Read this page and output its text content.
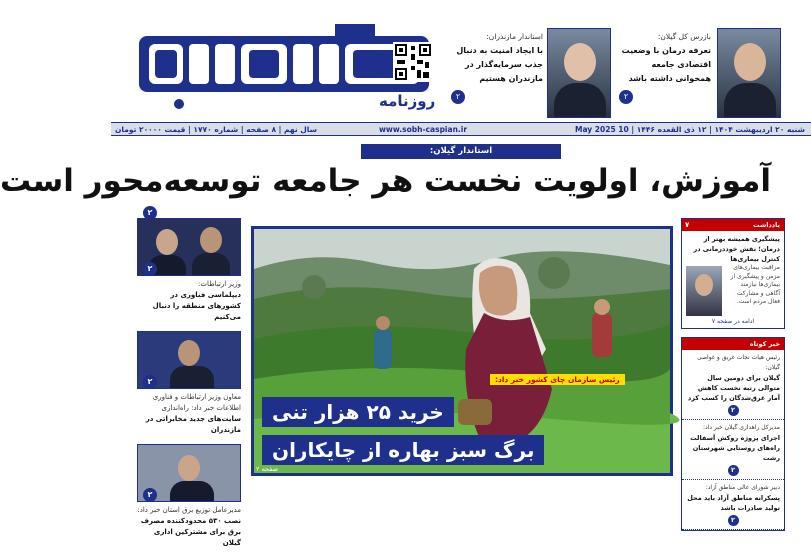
روزنامه
بازرس کل گیلان:
تعرفه درمان با وضعیت اقتصادی جامعه همخوانی داشته باشد
۲
استاندار مازندران:
با ایجاد امنیت به دنبال جذب سرمایه‌گذار در مازندران هستیم
۲
شنبه ۲۰ اردیبهشت ۱۴۰۴ | ۱۲ ذی القعده ۱۴۴۶ | 10 May 2025
www.sobh-caspian.ir
سال نهم | ۸ صفحه | شماره ۱۷۷۰ | قیمت ۲۰۰۰۰ تومان
استاندار گیلان:
آموزش، اولویت نخست هر جامعه توسعه‌محور است
۲
۲
وزیر ارتباطات:
دیپلماسی فناوری در کشورهای منطقه را دنبال می‌کنیم
۲
معاون وزیر ارتباطات و فناوری اطلاعات خبر داد: راه‌اندازی
سایت‌های جدید مخابراتی در مازندران
۲
مدیرعامل توزیع برق استان خبر داد:
نصب ۵۳۰ محدودکننده مصرف برق برای مشترکین اداری گیلان
رئیس سازمان چای کشور خبر داد:
خرید ۲۵ هزار تنی
برگ سبز بهاره از چایکاران
صفحه ۲
یادداشت
۷
پیشگیری همیشه بهتر از درمان؛ نقش خوددرمانی در کنترل بیماری‌ها
مراقبت بیماری‌های مزمن و پیشگیری از بیماری‌ها نیازمند آگاهی و مشارکت فعال مردم است.
ادامه در صفحه ۷
خبر کوتاه
رئیس هیات نجات غریق و غواصی گیلان:
گیلان برای دومین سال متوالی رتبه نخست کاهش آمار غرق‌شدگان را کسب کرد
۲
مدیرکل راهداری گیلان خبر داد:
اجرای پروژه روکش آسفالت راه‌های روستایی شهرستان رشت
۲
دبیر شورای عالی مناطق آزاد:
پسکرانه مناطق آزاد باید محل تولید صادرات باشد
۲
